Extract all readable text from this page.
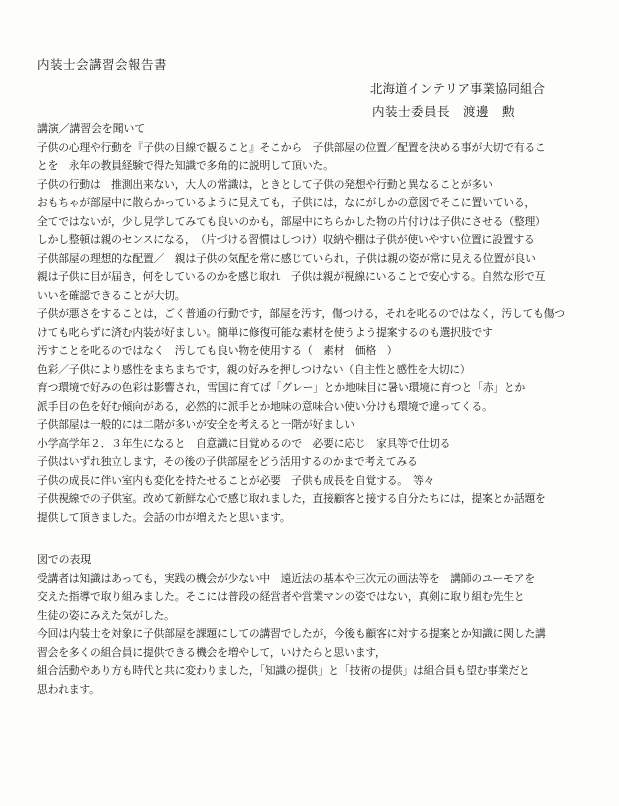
内装士会講習会報告書
北海道インテリア事業協同組合
内装士委員長　渡邊　勲
講演／講習会を聞いて
子供の心理や行動を『子供の目線で観ること』そこから　子供部屋の位置／配置を決める事が大切で有るこ
とを　永年の教員経験で得た知識で多角的に説明して頂いた。
子供の行動は　推測出来ない，大人の常識は，ときとして子供の発想や行動と異なることが多い
おもちゃが部屋中に散らかっているように見えても，子供には，なにがしかの意図でそこに置いている，
全てではないが，少し見学してみても良いのかも，部屋中にちらかした物の片付けは子供にさせる（整理）
しかし整頓は親のセンスになる，　（片づける習慣はしつけ）収納や棚は子供が使いやすい位置に設置する
子供部屋の理想的な配置／　親は子供の気配を常に感じていられ，子供は親の姿が常に見える位置が良い
親は子供に目が届き，何をしているのかを感じ取れ　子供は親が視線にいることで安心する。自然な形で互
いいを確認できることが大切。
子供が悪さをすることは，ごく普通の行動です，部屋を汚す，傷つける，それを叱るのではなく，汚しても傷つ
けても叱らずに済む内装が好ましい。簡単に修復可能な素材を使うよう提案するのも選択肢です
汚すことを叱るのではなく　汚しても良い物を使用する（　素材　価格　）
色彩／子供により感性をまちまちです，親の好みを押しつけない（自主性と感性を大切に）
育つ環境で好みの色彩は影響され，雪国に育てば「グレー」とか地味目に暑い環境に育つと「赤」とか
派手目の色を好む傾向がある，必然的に派手とか地味の意味合い使い分けも環境で違ってくる。
子供部屋は一般的には二階が多いが安全を考えると一階が好ましい
小学高学年２．３年生になると　自意識に目覚めるので　必要に応じ　家具等で仕切る
子供はいずれ独立します，その後の子供部屋をどう活用するのかまで考えてみる
子供の成長に伴い室内も変化を持たせることが必要　子供も成長を自覚する。　等々
子供視線での子供室。改めて新鮮な心で感じ取れました，直接顧客と接する自分たちには，提案とか話題を
提供して頂きました。会話の巾が増えたと思います。
図での表現
受講者は知識はあっても，実践の機会が少ない中　遠近法の基本や三次元の画法等を　講師のユーモアを
交えた指導で取り組みました。そこには普段の経営者や営業マンの姿ではない，真剣に取り組む先生と
生徒の姿にみえた気がした。
今回は内装士を対象に子供部屋を課題にしての講習でしたが，今後も顧客に対する提案とか知識に関した講
習会を多くの組合員に提供できる機会を増やして，いけたらと思います，
組合活動やあり方も時代と共に変わりました，「知識の提供」と「技術の提供」は組合員も望む事業だと
思われます。
